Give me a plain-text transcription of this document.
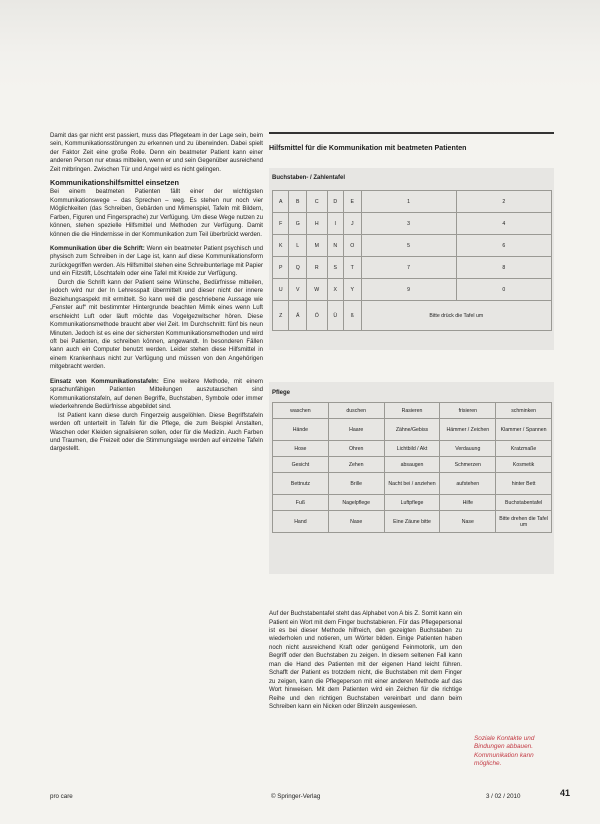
Damit das gar nicht erst passiert, muss das Pflegeteam in der Lage sein, beim sein, Kommunikationsstörungen zu erkennen und zu überwinden. Dabei spielt der Faktor Zeit eine große Rolle. Denn ein beatmeter Patient kann einer anderen Person nur etwas mitteilen, wenn er und sein Gegenüber ausreichend Zeit mitbringen. Zwischen Tür und Angel wird es nicht gelingen.

Kommunikationshilfsmittel einsetzen

Bei einem beatmeten Patienten fällt einer der wichtigsten Kommunikationswege – das Sprechen – weg. Es stehen nur noch vier Möglichkeiten (das Schreiben, Gebärden und Mimenspiel, Tafeln mit Bildern, Farben, Figuren und Fingersprache) zur Verfügung. Um diese Wege nutzen zu können, stehen spezielle Hilfsmittel und Methoden zur Verfügung. Damit können die die Hindernisse in der Kommunikation zum Teil überbrückt werden.

Kommunikation über die Schrift: Wenn ein beatmeter Patient psychisch und physisch zum Schreiben in der Lage ist, kann auf diese Kommunikationsform zurückgegriffen werden. Als Hilfsmittel stehen eine Schreibunterlage mit Papier und ein Filzstift, Löschtafeln oder eine Tafel mit Kreide zur Verfügung.

Durch die Schrift kann der Patient seine Wünsche, Bedürfnisse mitteilen, jedoch wird nur der In Lehresspalt übermittelt und dieser nicht der innere Beziehungsaspekt mit ermittelt. So kann weil die geschriebene Aussage wie „Fenster auf“ mit bestimmter Hintergrunde beachten Mimik eines wenn Luft erschleicht Luft oder läuft möchte das Vogelgezwitscher hören. Diese Kommunikationsmethode braucht aber viel Zeit. Im Durchschnitt: fünf bis neun Minuten. Jedoch ist es eine der sichersten Kommunikationsmethoden und wird oft bei Patienten, die schreiben können, angewandt. In besonderen Fällen kann auch ein Computer benutzt werden. Leider stehen diese Hilfsmittel in einem Krankenhaus nicht zur Verfügung und müssen von den Angehörigen mitgebracht werden.

Einsatz von Kommunikationstafeln: Eine weitere Methode, mit einem sprachunfähigen Patienten Mitteilungen auszutauschen sind Kommunikationstafeln, auf denen Begriffe, Buchstaben, Symbole oder immer wiederkehrende Bedürfnisse abgebildet sind.

Ist Patient kann diese durch Fingerzeig ausgelöhlen. Diese Begriffstafeln werden oft unterteilt in Tafeln für die Pflege, die zum Beispiel Anstalten, Waschen oder Kleiden signalisieren sollen, oder für die Medizin. Auch Farben und Traumen, die Freizeit oder die Stimmungslage werden auf einzelne Tafeln dargestellt.

Hilfsmittel für die Kommunikation mit beatmeten Patienten
Buchstaben- / Zahlentafel
A	B	C	D	E	1	2
F	G	H	I	J	3	4
K	L	M	N	O	5	6
P	Q	R	S	T	7	8
U	V	W	X	Y	9	0
Z	Ä	Ö	Ü	ß	Bitte drück die Tafel um	
Pflege
waschen	duschen	Rasieren	frisieren	schminken
Hände	Haare	Zähne/Gebiss	Hämmer / Zeichen	Klammer / Spannen
Hose	Ohren	Lichtbild / Akt	Verdauung	Kratzmaße
Gesicht	Zehen	absaugen	Schmerzen	Kosmetik
Bettnutz	Brille	Nacht bei / anziehen	aufstehen	hinter Bett
Fuß	Nagelpflege	Luftpflege	Hilfe	Buchstabentafel
Hand	Nase	Eine Zäune bitte	Nase	Bitte drehen die Tafel um

Auf der Buchstabentafel steht das Alphabet von A bis Z. Somit kann ein Patient ein Wort mit dem Finger buchstabieren. Für das Pflegepersonal ist es bei dieser Methode hilfreich, den gezeigten Buchstaben zu wiederholen und notieren, um Wörter bilden. Einige Patienten haben noch nicht ausreichend Kraft oder genügend Feinmotorik, um den Begriff oder den Buchstaben zu zeigen. In diesem seltenen Fall kann man die Hand des Patienten mit der eigenen Hand leicht führen. Schafft der Patient es trotzdem nicht, die Buchstaben mit dem Finger zu zeigen, kann die Pflegeperson mit einer anderen Methode auf das Wort hinweisen. Mit dem Patienten wird ein Zeichen für die richtige Reihe und den richtigen Buchstaben vereinbart und dann beim Schreiben kann ein Nicken oder Blinzeln ausgewiesen.

Soziale Kontakte und Bindungen abbauen. Kommunikation kann mögliche.
pro care	© Springer-Verlag	3 / 02 / 2010	41
